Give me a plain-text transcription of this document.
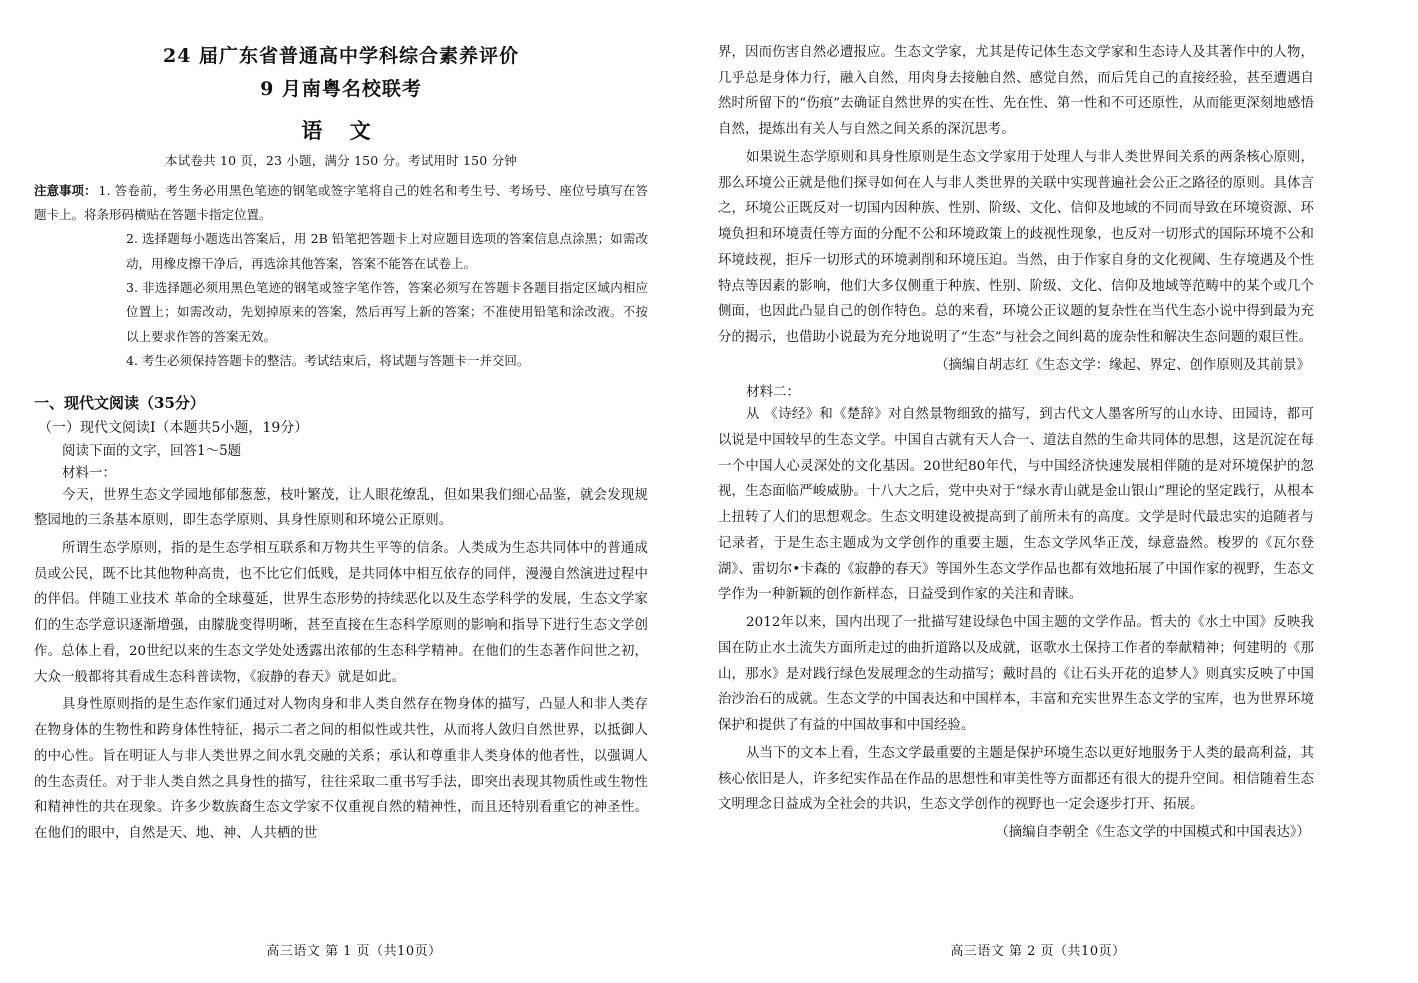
24 届广东省普通高中学科综合素养评价
9 月南粤名校联考
语 文
本试卷共 10 页，23 小题，满分 150 分。考试用时 150 分钟
注意事项： 1. 答卷前，考生务必用黑色笔迹的钢笔或签字笔将自己的姓名和考生号、考场号、座位号填写在答题卡上。将条形码横贴在答题卡指定位置。
2. 选择题每小题选出答案后，用 2B 铅笔把答题卡上对应题目选项的答案信息点涂黑；如需改动，用橡皮擦干净后，再选涂其他答案，答案不能答在试卷上。
3. 非选择题必须用黑色笔迹的钢笔或签字笔作答，答案必须写在答题卡各题目指定区域内相应位置上；如需改动，先划掉原来的答案，然后再写上新的答案；不准使用铅笔和涂改液。不按以上要求作答的答案无效。
4. 考生必须保持答题卡的整洁。考试结束后，将试题与答题卡一并交回。
一、现代文阅读（35分）
（一）现代文阅读Ⅰ（本题共5小题，19分）
阅读下面的文字，回答1～5题
材料一：

今天，世界生态文学园地郁郁葱葱，枝叶繁茂，让人眼花缭乱，但如果我们细心品鉴，就会发现规整园地的三条基本原则，即生态学原则、具身性原则和环境公正原则。

所谓生态学原则，指的是生态学相互联系和万物共生平等的信条。人类成为生态共同体中的普通成员或公民，既不比其他物种高贵，也不比它们低贱，是共同体中相互依存的同伴，漫漫自然演进过程中的伴侣。伴随工业技术 革命的全球蔓延，世界生态形势的持续恶化以及生态学科学的发展，生态文学家们的生态学意识逐渐增强，由朦胧变得明晰，甚至直接在生态科学原则的影响和指导下进行生态文学创作。总体上看，20世纪以来的生态文学处处透露出浓郁的生态科学精神。在他们的生态著作问世之初，大众一般都将其看成生态科普读物，《寂静的春天》就是如此。

具身性原则指的是生态作家们通过对人物肉身和非人类自然存在物身体的描写，凸显人和非人类存在物身体的生物性和跨身体性特征，揭示二者之间的相似性或共性，从而将人敛归自然世界，以抵御人的中心性。旨在明证人与非人类世界之间水乳交融的关系；承认和尊重非人类身体的他者性，以强调人的生态责任。对于非人类自然之具身性的描写，往往采取二重书写手法，即突出表现其物质性或生物性和精神性的共在现象。许多少数族裔生态文学家不仅重视自然的精神性，而且还特别看重它的神圣性。在他们的眼中，自然是天、地、神、人共栖的世

高三语文 第 1 页（共10页）

界，因而伤害自然必遭报应。生态文学家，尤其是传记体生态文学家和生态诗人及其著作中的人物，几乎总是身体力行，融入自然，用肉身去接触自然、感觉自然，而后凭自己的直接经验，甚至遭遇自然时所留下的“伤痕”去确证自然世界的实在性、先在性、第一性和不可还原性，从而能更深刻地感悟自然，提炼出有关人与自然之间关系的深沉思考。

如果说生态学原则和具身性原则是生态文学家用于处理人与非人类世界间关系的两条核心原则，那么环境公正就是他们探寻如何在人与非人类世界的关联中实现普遍社会公正之路径的原则。具体言之，环境公正既反对一切国内因种族、性别、阶级、文化、信仰及地域的不同而导致在环境资源、环境负担和环境责任等方面的分配不公和环境政策上的歧视性现象，也反对一切形式的国际环境不公和环境歧视，拒斥一切形式的环境剥削和环境压迫。当然，由于作家自身的文化视阈、生存境遇及个性特点等因素的影响，他们大多仅侧重于种族、性别、阶级、文化、信仰及地域等范畴中的某个或几个侧面，也因此凸显自己的创作特色。总的来看，环境公正议题的复杂性在当代生态小说中得到最为充分的揭示，也借助小说最为充分地说明了“生态”与社会之间纠葛的庞杂性和解决生态问题的艰巨性。

（摘编自胡志红《生态文学：缘起、界定、创作原则及其前景》
材料二：

从 《诗经》和《楚辞》对自然景物细致的描写，到古代文人墨客所写的山水诗、田园诗，都可以说是中国较早的生态文学。中国自古就有天人合一、道法自然的生命共同体的思想，这是沉淀在每一个中国人心灵深处的文化基因。20世纪80年代，与中国经济快速发展相伴随的是对环境保护的忽视，生态面临严峻威胁。十八大之后，党中央对于“绿水青山就是金山银山”理论的坚定践行，从根本上扭转了人们的思想观念。生态文明建设被提高到了前所未有的高度。文学是时代最忠实的追随者与记录者，于是生态主题成为文学创作的重要主题，生态文学风华正茂，绿意盎然。梭罗的《瓦尔登湖》、雷切尔•卡森的《寂静的春天》等国外生态文学作品也都有效地拓展了中国作家的视野，生态文学作为一种新颖的创作新样态，日益受到作家的关注和青睐。

2012年以来，国内出现了一批描写建设绿色中国主题的文学作品。哲夫的《水土中国》反映我国在防止水土流失方面所走过的曲折道路以及成就，讴歌水土保持工作者的奉献精神；何建明的《那山，那水》是对践行绿色发展理念的生动描写；戴时昌的《让石头开花的追梦人》则真实反映了中国治沙治石的成就。生态文学的中国表达和中国样本，丰富和充实世界生态文学的宝库，也为世界环境保护和提供了有益的中国故事和中国经验。

从当下的文本上看，生态文学最重要的主题是保护环境生态以更好地服务于人类的最高利益，其核心依旧是人，许多纪实作品在作品的思想性和审美性等方面都还有很大的提升空间。相信随着生态文明理念日益成为全社会的共识，生态文学创作的视野也一定会逐步打开、拓展。

（摘编自李朝全《生态文学的中国模式和中国表达》）
高三语文 第 2 页（共10页）
